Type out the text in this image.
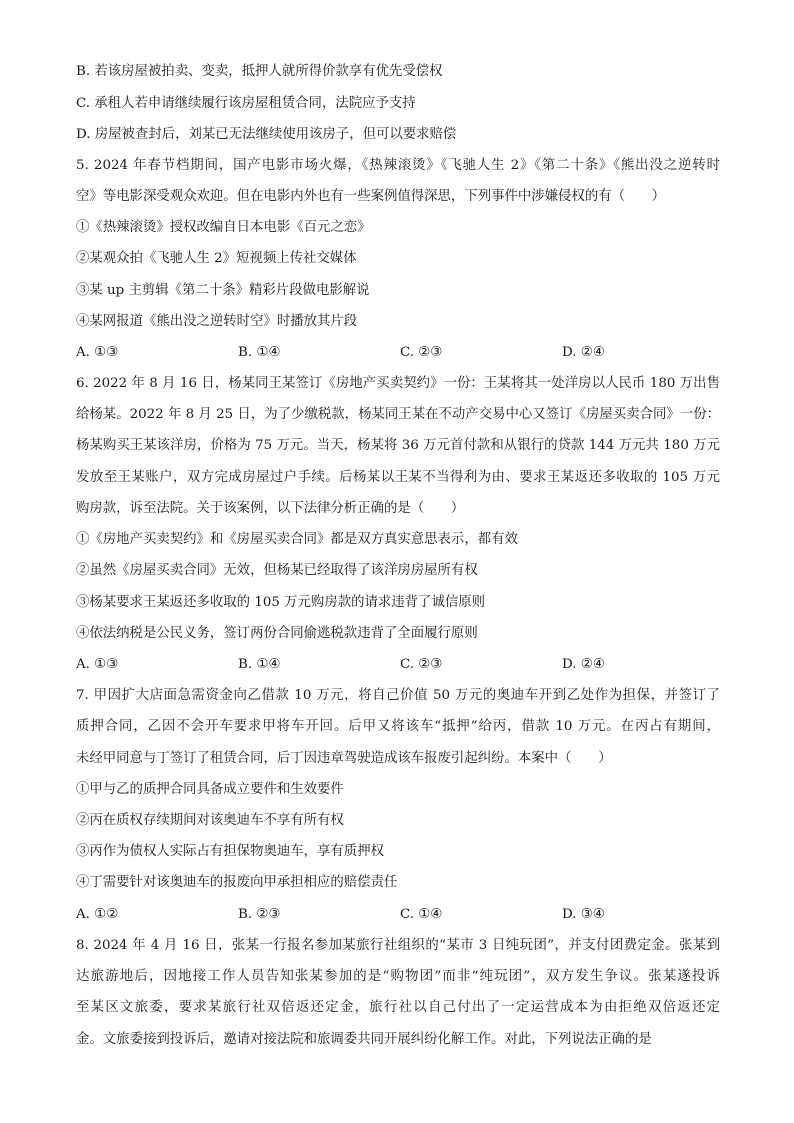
B. 若该房屋被拍卖、变卖，抵押人就所得价款享有优先受偿权
C. 承租人若申请继续履行该房屋租赁合同，法院应予支持
D. 房屋被查封后，刘某已无法继续使用该房子，但可以要求赔偿
5. 2024 年春节档期间，国产电影市场火爆，《热辣滚烫》《飞驰人生 2》《第二十条》《熊出没之逆转时
空》等电影深受观众欢迎。但在电影内外也有一些案例值得深思，下列事件中涉嫌侵权的有（　　）
①《热辣滚烫》授权改编自日本电影《百元之恋》
②某观众拍《飞驰人生 2》短视频上传社交媒体
③某 up 主剪辑《第二十条》精彩片段做电影解说
④某网报道《熊出没之逆转时空》时播放其片段
A. ①③	B. ①④	C. ②③	D. ②④
6. 2022 年 8 月 16 日，杨某同王某签订《房地产买卖契约》一份：王某将其一处洋房以人民币 180 万出售
给杨某。2022 年 8 月 25 日，为了少缴税款，杨某同王某在不动产交易中心又签订《房屋买卖合同》一份：
杨某购买王某该洋房，价格为 75 万元。当天，杨某将 36 万元首付款和从银行的贷款 144 万元共 180 万元
发放至王某账户，双方完成房屋过户手续。后杨某以王某不当得利为由、要求王某返还多收取的 105 万元
购房款，诉至法院。关于该案例，以下法律分析正确的是（　　）
①《房地产买卖契约》和《房屋买卖合同》都是双方真实意思表示，都有效
②虽然《房屋买卖合同》无效，但杨某已经取得了该洋房房屋所有权
③杨某要求王某返还多收取的 105 万元购房款的请求违背了诚信原则
④依法纳税是公民义务，签订两份合同偷逃税款违背了全面履行原则
A. ①③	B. ①④	C. ②③	D. ②④
7. 甲因扩大店面急需资金向乙借款 10 万元，将自己价值 50 万元的奥迪车开到乙处作为担保，并签订了
质押合同，乙因不会开车要求甲将车开回。后甲又将该车“抵押”给丙，借款 10 万元。在丙占有期间，
未经甲同意与丁签订了租赁合同，后丁因违章驾驶造成该车报废引起纠纷。本案中（　　）
①甲与乙的质押合同具备成立要件和生效要件
②丙在质权存续期间对该奥迪车不享有所有权
③丙作为债权人实际占有担保物奥迪车，享有质押权
④丁需要针对该奥迪车的报废向甲承担相应的赔偿责任
A. ①②	B. ②③	C. ①④	D. ③④
8. 2024 年 4 月 16 日，张某一行报名参加某旅行社组织的“某市 3 日纯玩团”，并支付团费定金。张某到
达旅游地后，因地接工作人员告知张某参加的是“购物团”而非“纯玩团”，双方发生争议。张某遂投诉
至某区文旅委，要求某旅行社双倍返还定金，旅行社以自己付出了一定运营成本为由拒绝双倍返还定
金。文旅委接到投诉后，邀请对接法院和旅调委共同开展纠纷化解工作。对此，下列说法正确的是
